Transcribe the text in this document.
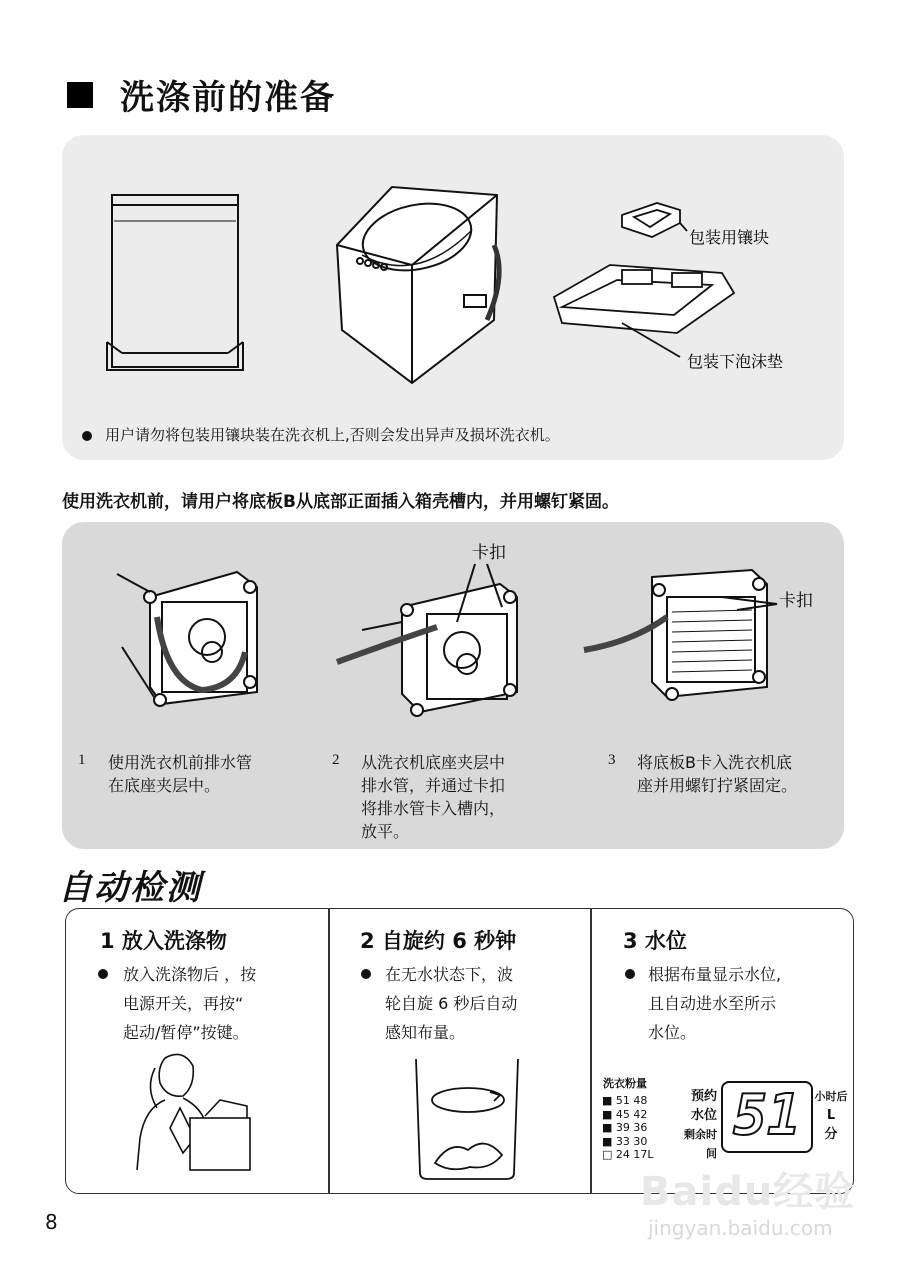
洗涤前的准备
包装用镶块
包装下泡沫垫
用户请勿将包装用镶块装在洗衣机上,否则会发出异声及损坏洗衣机。
使用洗衣机前，请用户将底板B从底部正面插入箱壳槽内，并用螺钉紧固。
卡扣
卡扣
1 使用洗衣机前排水管
在底座夹层中。
2 从洗衣机底座夹层中
排水管，并通过卡扣
将排水管卡入槽内，
放平。
3 将底板B卡入洗衣机底
座并用螺钉拧紧固定。
自动检测
1 放入洗涤物
放入洗涤物后 ，按
电源开关，再按“
起动/暂停”按键。
2 自旋约 6 秒钟
在无水状态下，波
轮自旋 6 秒后自动
感知布量。
3 水位
根据布量显示水位,
且自动进水至所示
水位。
洗衣粉量
■ 51 48
■ 45 42
■ 39 36
■ 33 30
□ 24 17L
预约
水位
剩余时间
51	小时后
L
分
8
Baidu经验
jingyan.baidu.com
